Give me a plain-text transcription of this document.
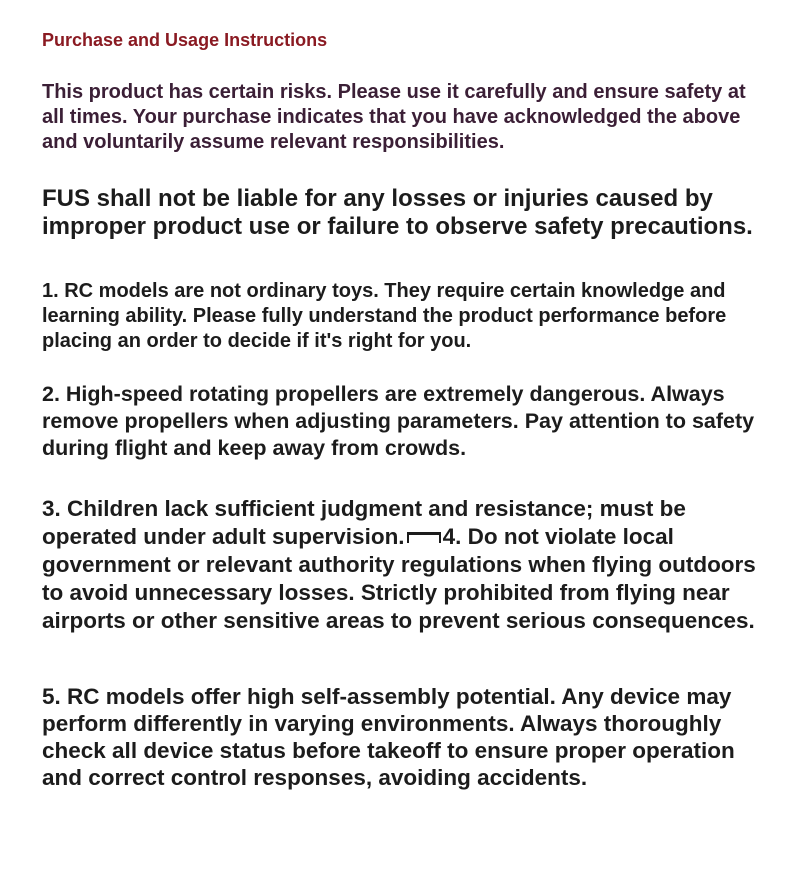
Purchase and Usage Instructions
This product has certain risks. Please use it carefully and ensure safety at all times. Your purchase indicates that you have acknowledged the above and voluntarily assume relevant responsibilities.
FUS shall not be liable for any losses or injuries caused by improper product use or failure to observe safety precautions.
1. RC models are not ordinary toys. They require certain knowledge and learning ability. Please fully understand the product performance before placing an order to decide if it's right for you.
2. High-speed rotating propellers are extremely dangerous. Always remove propellers when adjusting parameters. Pay attention to safety during flight and keep away from crowds.
3. Children lack sufficient judgment and resistance; must be operated under adult supervision. 4. Do not violate local government or relevant authority regulations when flying outdoors to avoid unnecessary losses. Strictly prohibited from flying near airports or other sensitive areas to prevent serious consequences.
5. RC models offer high self-assembly potential. Any device may perform differently in varying environments. Always thoroughly check all device status before takeoff to ensure proper operation and correct control responses, avoiding accidents.
